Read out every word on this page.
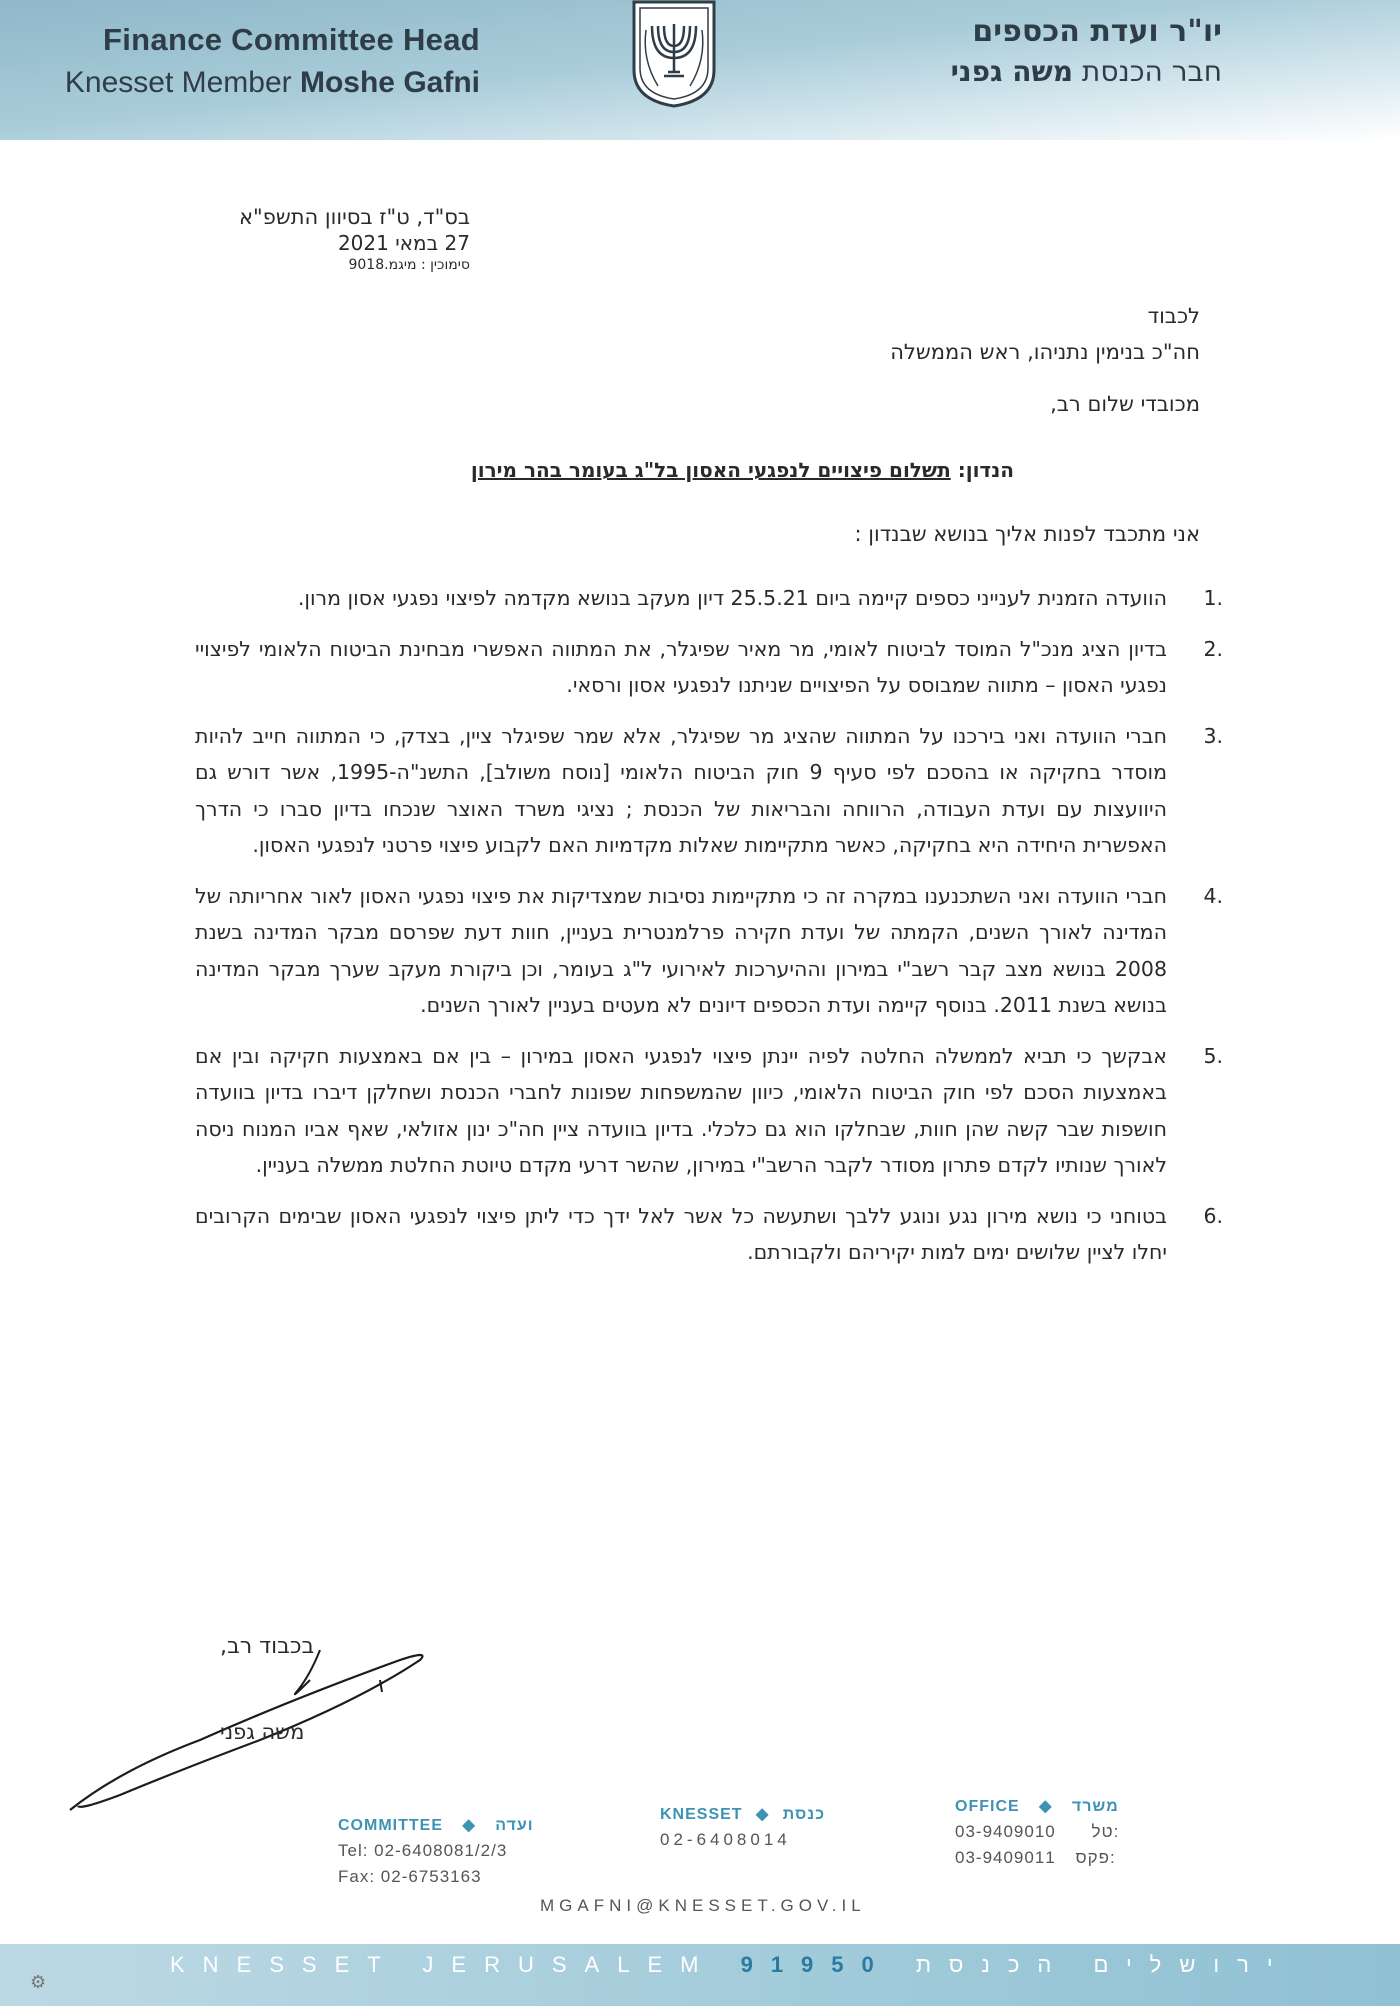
Finance Committee Head
Knesset Member Moshe Gafni
יו"ר ועדת הכספים
חבר הכנסת משה גפני
בס"ד, ט"ז בסיוון התשפ"א
27 במאי 2021
סימוכין : מיגמ.9018
לכבוד
חה"כ בנימין נתניהו, ראש הממשלה
מכובדי שלום רב,
הנדון: תשלום פיצויים לנפגעי האסון בל"ג בעומר בהר מירון
אני מתכבד לפנות אליך בנושא שבנדון :
1.
הוועדה הזמנית לענייני כספים קיימה ביום 25.5.21 דיון מעקב בנושא מקדמה לפיצוי נפגעי אסון מרון.
2.
בדיון הציג מנכ"ל המוסד לביטוח לאומי, מר מאיר שפיגלר, את המתווה האפשרי מבחינת הביטוח הלאומי לפיצויי נפגעי האסון – מתווה שמבוסס על הפיצויים שניתנו לנפגעי אסון ורסאי.
3.
חברי הוועדה ואני בירכנו על המתווה שהציג מר שפיגלר, אלא שמר שפיגלר ציין, בצדק, כי המתווה חייב להיות מוסדר בחקיקה או בהסכם לפי סעיף 9 חוק הביטוח הלאומי [נוסח משולב], התשנ"ה-1995, אשר דורש גם היוועצות עם ועדת העבודה, הרווחה והבריאות של הכנסת ; נציגי משרד האוצר שנכחו בדיון סברו כי הדרך האפשרית היחידה היא בחקיקה, כאשר מתקיימות שאלות מקדמיות האם לקבוע פיצוי פרטני לנפגעי האסון.
4.
חברי הוועדה ואני השתכנענו במקרה זה כי מתקיימות נסיבות שמצדיקות את פיצוי נפגעי האסון לאור אחריותה של המדינה לאורך השנים, הקמתה של ועדת חקירה פרלמנטרית בעניין, חוות דעת שפרסם מבקר המדינה בשנת 2008 בנושא מצב קבר רשב"י במירון וההיערכות לאירועי ל"ג בעומר, וכן ביקורת מעקב שערך מבקר המדינה בנושא בשנת 2011. בנוסף קיימה ועדת הכספים דיונים לא מעטים בעניין לאורך השנים.
5.
אבקשך כי תביא לממשלה החלטה לפיה יינתן פיצוי לנפגעי האסון במירון – בין אם באמצעות חקיקה ובין אם באמצעות הסכם לפי חוק הביטוח הלאומי, כיוון שהמשפחות שפונות לחברי הכנסת ושחלקן דיברו בדיון בוועדה חושפות שבר קשה שהן חוות, שבחלקו הוא גם כלכלי. בדיון בוועדה ציין חה"כ ינון אזולאי, שאף אביו המנוח ניסה לאורך שנותיו לקדם פתרון מסודר לקבר הרשב"י במירון, שהשר דרעי מקדם טיוטת החלטת ממשלה בעניין.
6.
בטוחני כי נושא מירון נגע ונוגע ללבך ושתעשה כל אשר לאל ידך כדי ליתן פיצוי לנפגעי האסון שבימים הקרובים יחלו לציין שלושים ימים למות יקיריהם ולקבורתם.
בכבוד רב,
משה גפני
COMMITTEE ◆ ועדה
Tel: 02-6408081/2/3
Fax: 02-6753163
KNESSET ◆ כנסת
02-6408014
OFFICE ◆ משרד
03-9409010 טל:
03-9409011 פקס:
MGAFNI@KNESSET.GOV.IL
KNESSET JERUSALEM 91950 ירושלים הכנסת
⚙
